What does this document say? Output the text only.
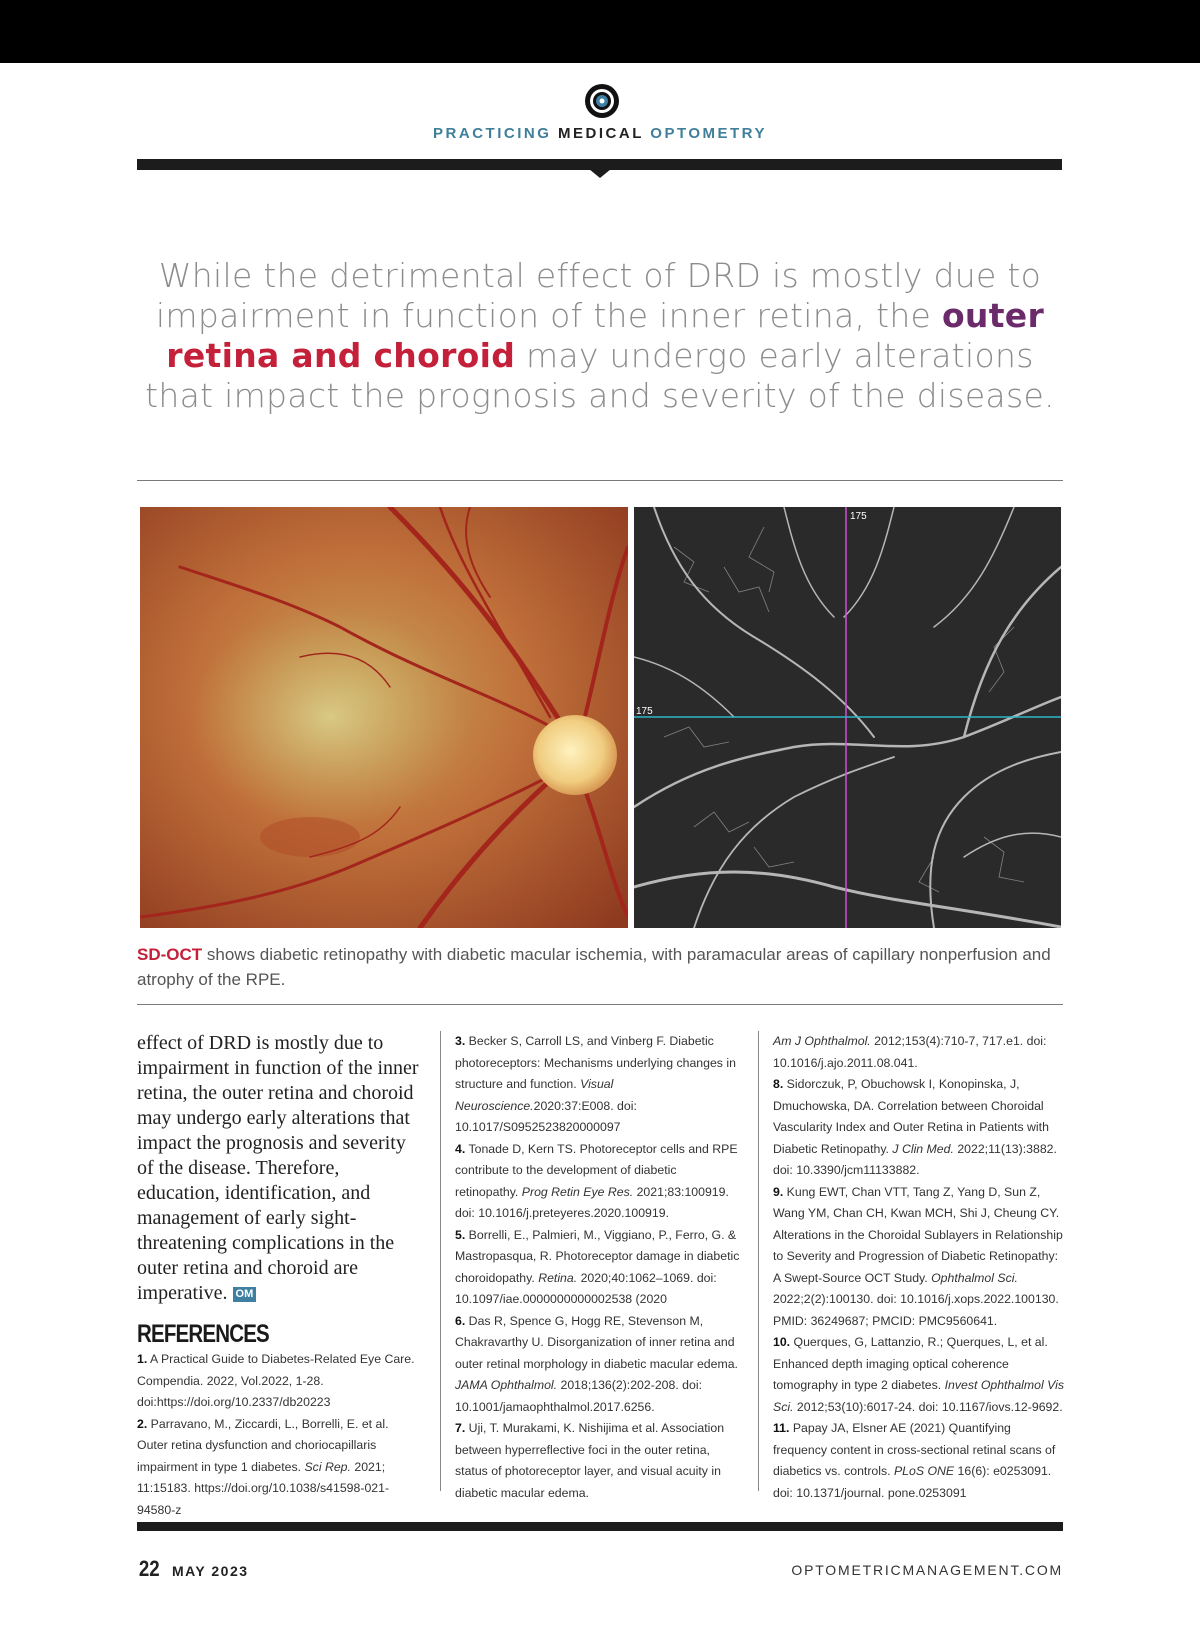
PRACTICING MEDICAL OPTOMETRY
While the detrimental effect of DRD is mostly due to impairment in function of the inner retina, the outer retina and choroid may undergo early alterations that impact the prognosis and severity of the disease.
175
175
SD-OCT shows diabetic retinopathy with diabetic macular ischemia, with paramacular areas of capillary nonperfusion and atrophy of the RPE.
effect of DRD is mostly due to impairment in function of the inner retina, the outer retina and choroid may undergo early alterations that impact the prognosis and severity of the disease. Therefore, education, identification, and management of early sight-threatening complications in the outer retina and choroid are imperative. OM
REFERENCES

1. A Practical Guide to Diabetes-Related Eye Care. Compendia. 2022, Vol.2022, 1-28. doi:https://doi.org/10.2337/db20223

2. Parravano, M., Ziccardi, L., Borrelli, E. et al. Outer retina dysfunction and choriocapillaris impairment in type 1 diabetes. Sci Rep. 2021; 11:15183. https://doi.org/10.1038/s41598-021-94580-z

3. Becker S, Carroll LS, and Vinberg F. Diabetic photoreceptors: Mechanisms underlying changes in structure and function. Visual Neuroscience.2020:37:E008. doi: 10.1017/S0952523820000097

4. Tonade D, Kern TS. Photoreceptor cells and RPE contribute to the development of diabetic retinopathy. Prog Retin Eye Res. 2021;83:100919. doi: 10.1016/j.preteyeres.2020.100919.

5. Borrelli, E., Palmieri, M., Viggiano, P., Ferro, G. & Mastropasqua, R. Photoreceptor damage in diabetic choroidopathy. Retina. 2020;40:1062–1069. doi: 10.1097/iae.0000000000002538 (2020

6. Das R, Spence G, Hogg RE, Stevenson M, Chakravarthy U. Disorganization of inner retina and outer retinal morphology in diabetic macular edema. JAMA Ophthalmol. 2018;136(2):202-208. doi: 10.1001/jamaophthalmol.2017.6256.

7. Uji, T. Murakami, K. Nishijima et al. Association between hyperreflective foci in the outer retina, status of photoreceptor layer, and visual acuity in diabetic macular edema.

Am J Ophthalmol. 2012;153(4):710-7, 717.e1. doi: 10.1016/j.ajo.2011.08.041.

8. Sidorczuk, P, Obuchowsk I, Konopinska, J, Dmuchowska, DA. Correlation between Choroidal Vascularity Index and Outer Retina in Patients with Diabetic Retinopathy. J Clin Med. 2022;11(13):3882. doi: 10.3390/jcm11133882.

9. Kung EWT, Chan VTT, Tang Z, Yang D, Sun Z, Wang YM, Chan CH, Kwan MCH, Shi J, Cheung CY. Alterations in the Choroidal Sublayers in Relationship to Severity and Progression of Diabetic Retinopathy: A Swept-Source OCT Study. Ophthalmol Sci. 2022;2(2):100130. doi: 10.1016/j.xops.2022.100130. PMID: 36249687; PMCID: PMC9560641.

10. Querques, G, Lattanzio, R.; Querques, L, et al. Enhanced depth imaging optical coherence tomography in type 2 diabetes. Invest Ophthalmol Vis Sci. 2012;53(10):6017-24. doi: 10.1167/iovs.12-9692.

11. Papay JA, Elsner AE (2021) Quantifying frequency content in cross-sectional retinal scans of diabetics vs. controls. PLoS ONE 16(6): e0253091. doi: 10.1371/journal. pone.0253091

22 MAY 2023	OPTOMETRICMANAGEMENT.COM
